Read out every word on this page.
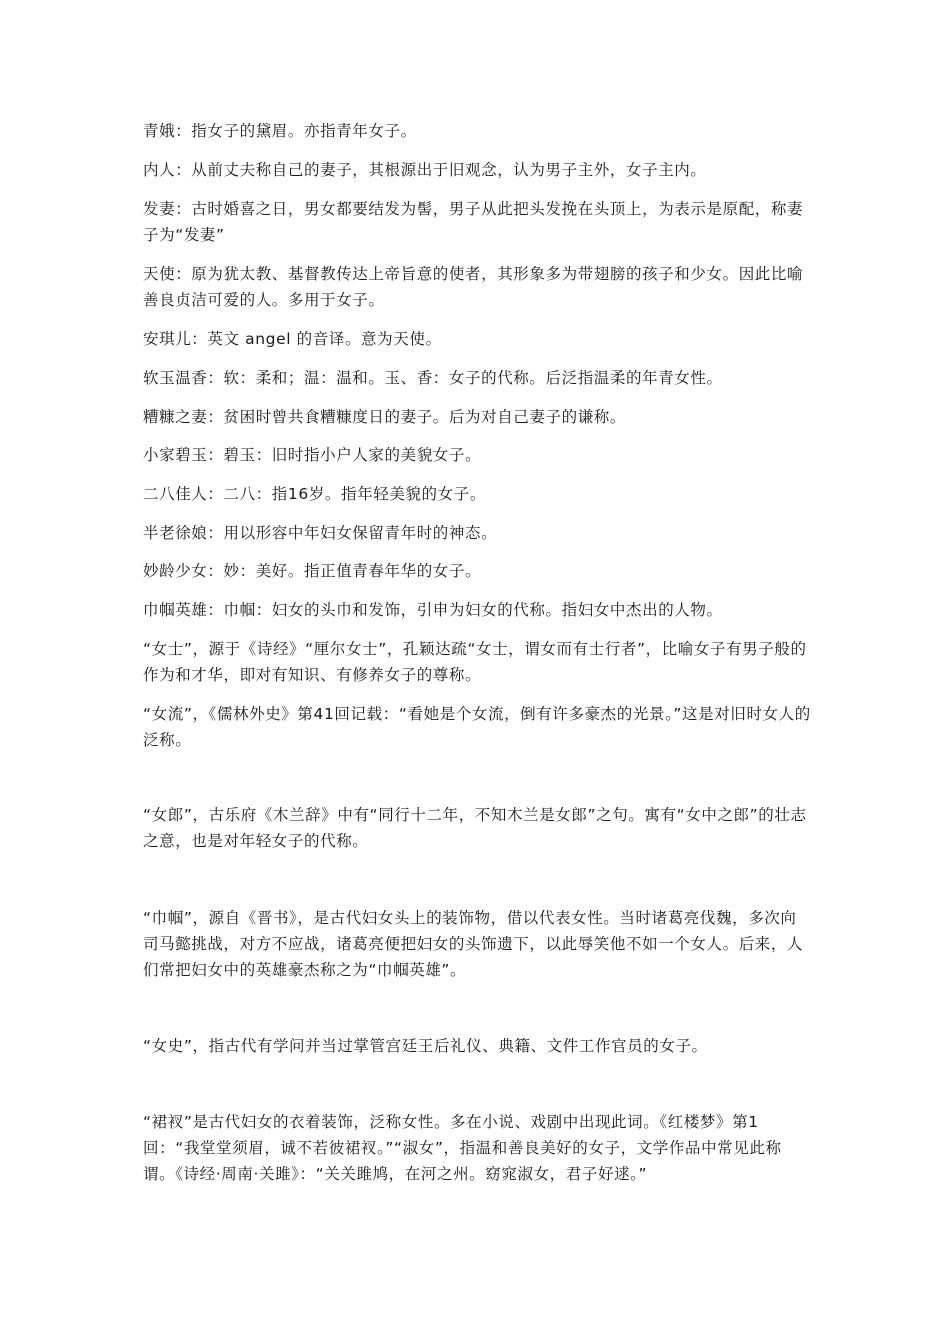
青娥：指女子的黛眉。亦指青年女子。

内人：从前丈夫称自己的妻子，其根源出于旧观念，认为男子主外，女子主内。

发妻：古时婚喜之日，男女都要结发为髻，男子从此把头发挽在头顶上，为表示是原配，称妻子为“发妻”

天使：原为犹太教、基督教传达上帝旨意的使者，其形象多为带翅膀的孩子和少女。因此比喻善良贞洁可爱的人。多用于女子。

安琪儿：英文 angel 的音译。意为天使。

软玉温香：软：柔和；温：温和。玉、香：女子的代称。后泛指温柔的年青女性。

糟糠之妻：贫困时曾共食糟糠度日的妻子。后为对自己妻子的谦称。

小家碧玉：碧玉：旧时指小户人家的美貌女子。

二八佳人：二八：指16岁。指年轻美貌的女子。

半老徐娘：用以形容中年妇女保留青年时的神态。

妙龄少女：妙：美好。指正值青春年华的女子。

巾帼英雄：巾帼：妇女的头巾和发饰，引申为妇女的代称。指妇女中杰出的人物。

“女士”，源于《诗经》“厘尔女士”，孔颖达疏“女士，谓女而有士行者”，比喻女子有男子般的作为和才华，即对有知识、有修养女子的尊称。

“女流”，《儒林外史》第41回记载：“看她是个女流，倒有许多豪杰的光景。”这是对旧时女人的泛称。

“女郎”，古乐府《木兰辞》中有“同行十二年，不知木兰是女郎”之句。寓有“女中之郎”的壮志之意，也是对年轻女子的代称。

“巾帼”，源自《晋书》，是古代妇女头上的装饰物，借以代表女性。当时诸葛亮伐魏，多次向司马懿挑战，对方不应战，诸葛亮便把妇女的头饰遗下，以此辱笑他不如一个女人。后来，人们常把妇女中的英雄豪杰称之为“巾帼英雄”。

“女史”，指古代有学问并当过掌管宫廷王后礼仪、典籍、文件工作官员的女子。

“裙衩”是古代妇女的衣着装饰，泛称女性。多在小说、戏剧中出现此词。《红楼梦》第1回：“我堂堂须眉，诚不若彼裙衩。”“淑女”，指温和善良美好的女子，文学作品中常见此称谓。《诗经·周南·关雎》：“关关雎鸠，在河之州。窈窕淑女，君子好逑。”
